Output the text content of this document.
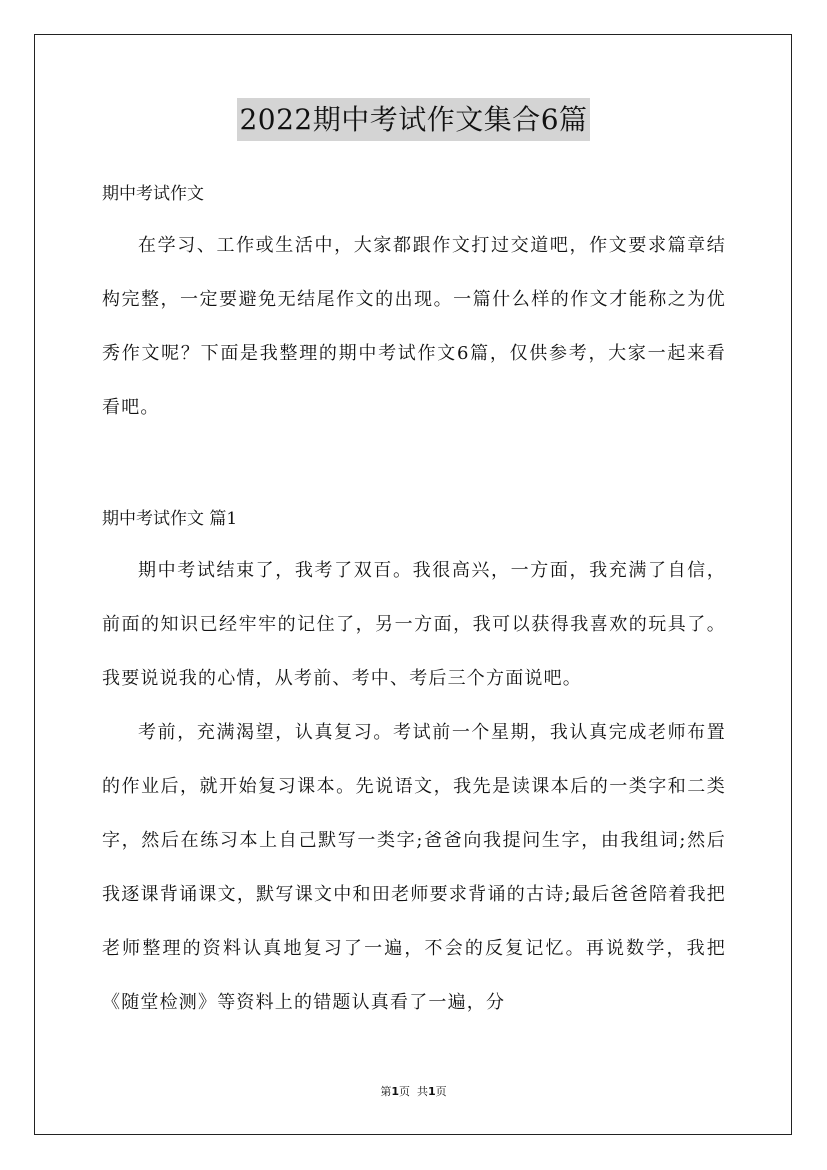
2022期中考试作文集合6篇
期中考试作文

在学习、工作或生活中，大家都跟作文打过交道吧，作文要求篇章结构完整，一定要避免无结尾作文的出现。一篇什么样的作文才能称之为优秀作文呢？下面是我整理的期中考试作文6篇，仅供参考，大家一起来看看吧。

期中考试作文 篇1

期中考试结束了，我考了双百。我很高兴，一方面，我充满了自信，前面的知识已经牢牢的记住了，另一方面，我可以获得我喜欢的玩具了。我要说说我的心情，从考前、考中、考后三个方面说吧。

考前，充满渴望，认真复习。考试前一个星期，我认真完成老师布置的作业后，就开始复习课本。先说语文，我先是读课本后的一类字和二类字，然后在练习本上自己默写一类字;爸爸向我提问生字，由我组词;然后我逐课背诵课文，默写课文中和田老师要求背诵的古诗;最后爸爸陪着我把老师整理的资料认真地复习了一遍，不会的反复记忆。再说数学，我把《随堂检测》等资料上的错题认真看了一遍，分

第1页 共1页
